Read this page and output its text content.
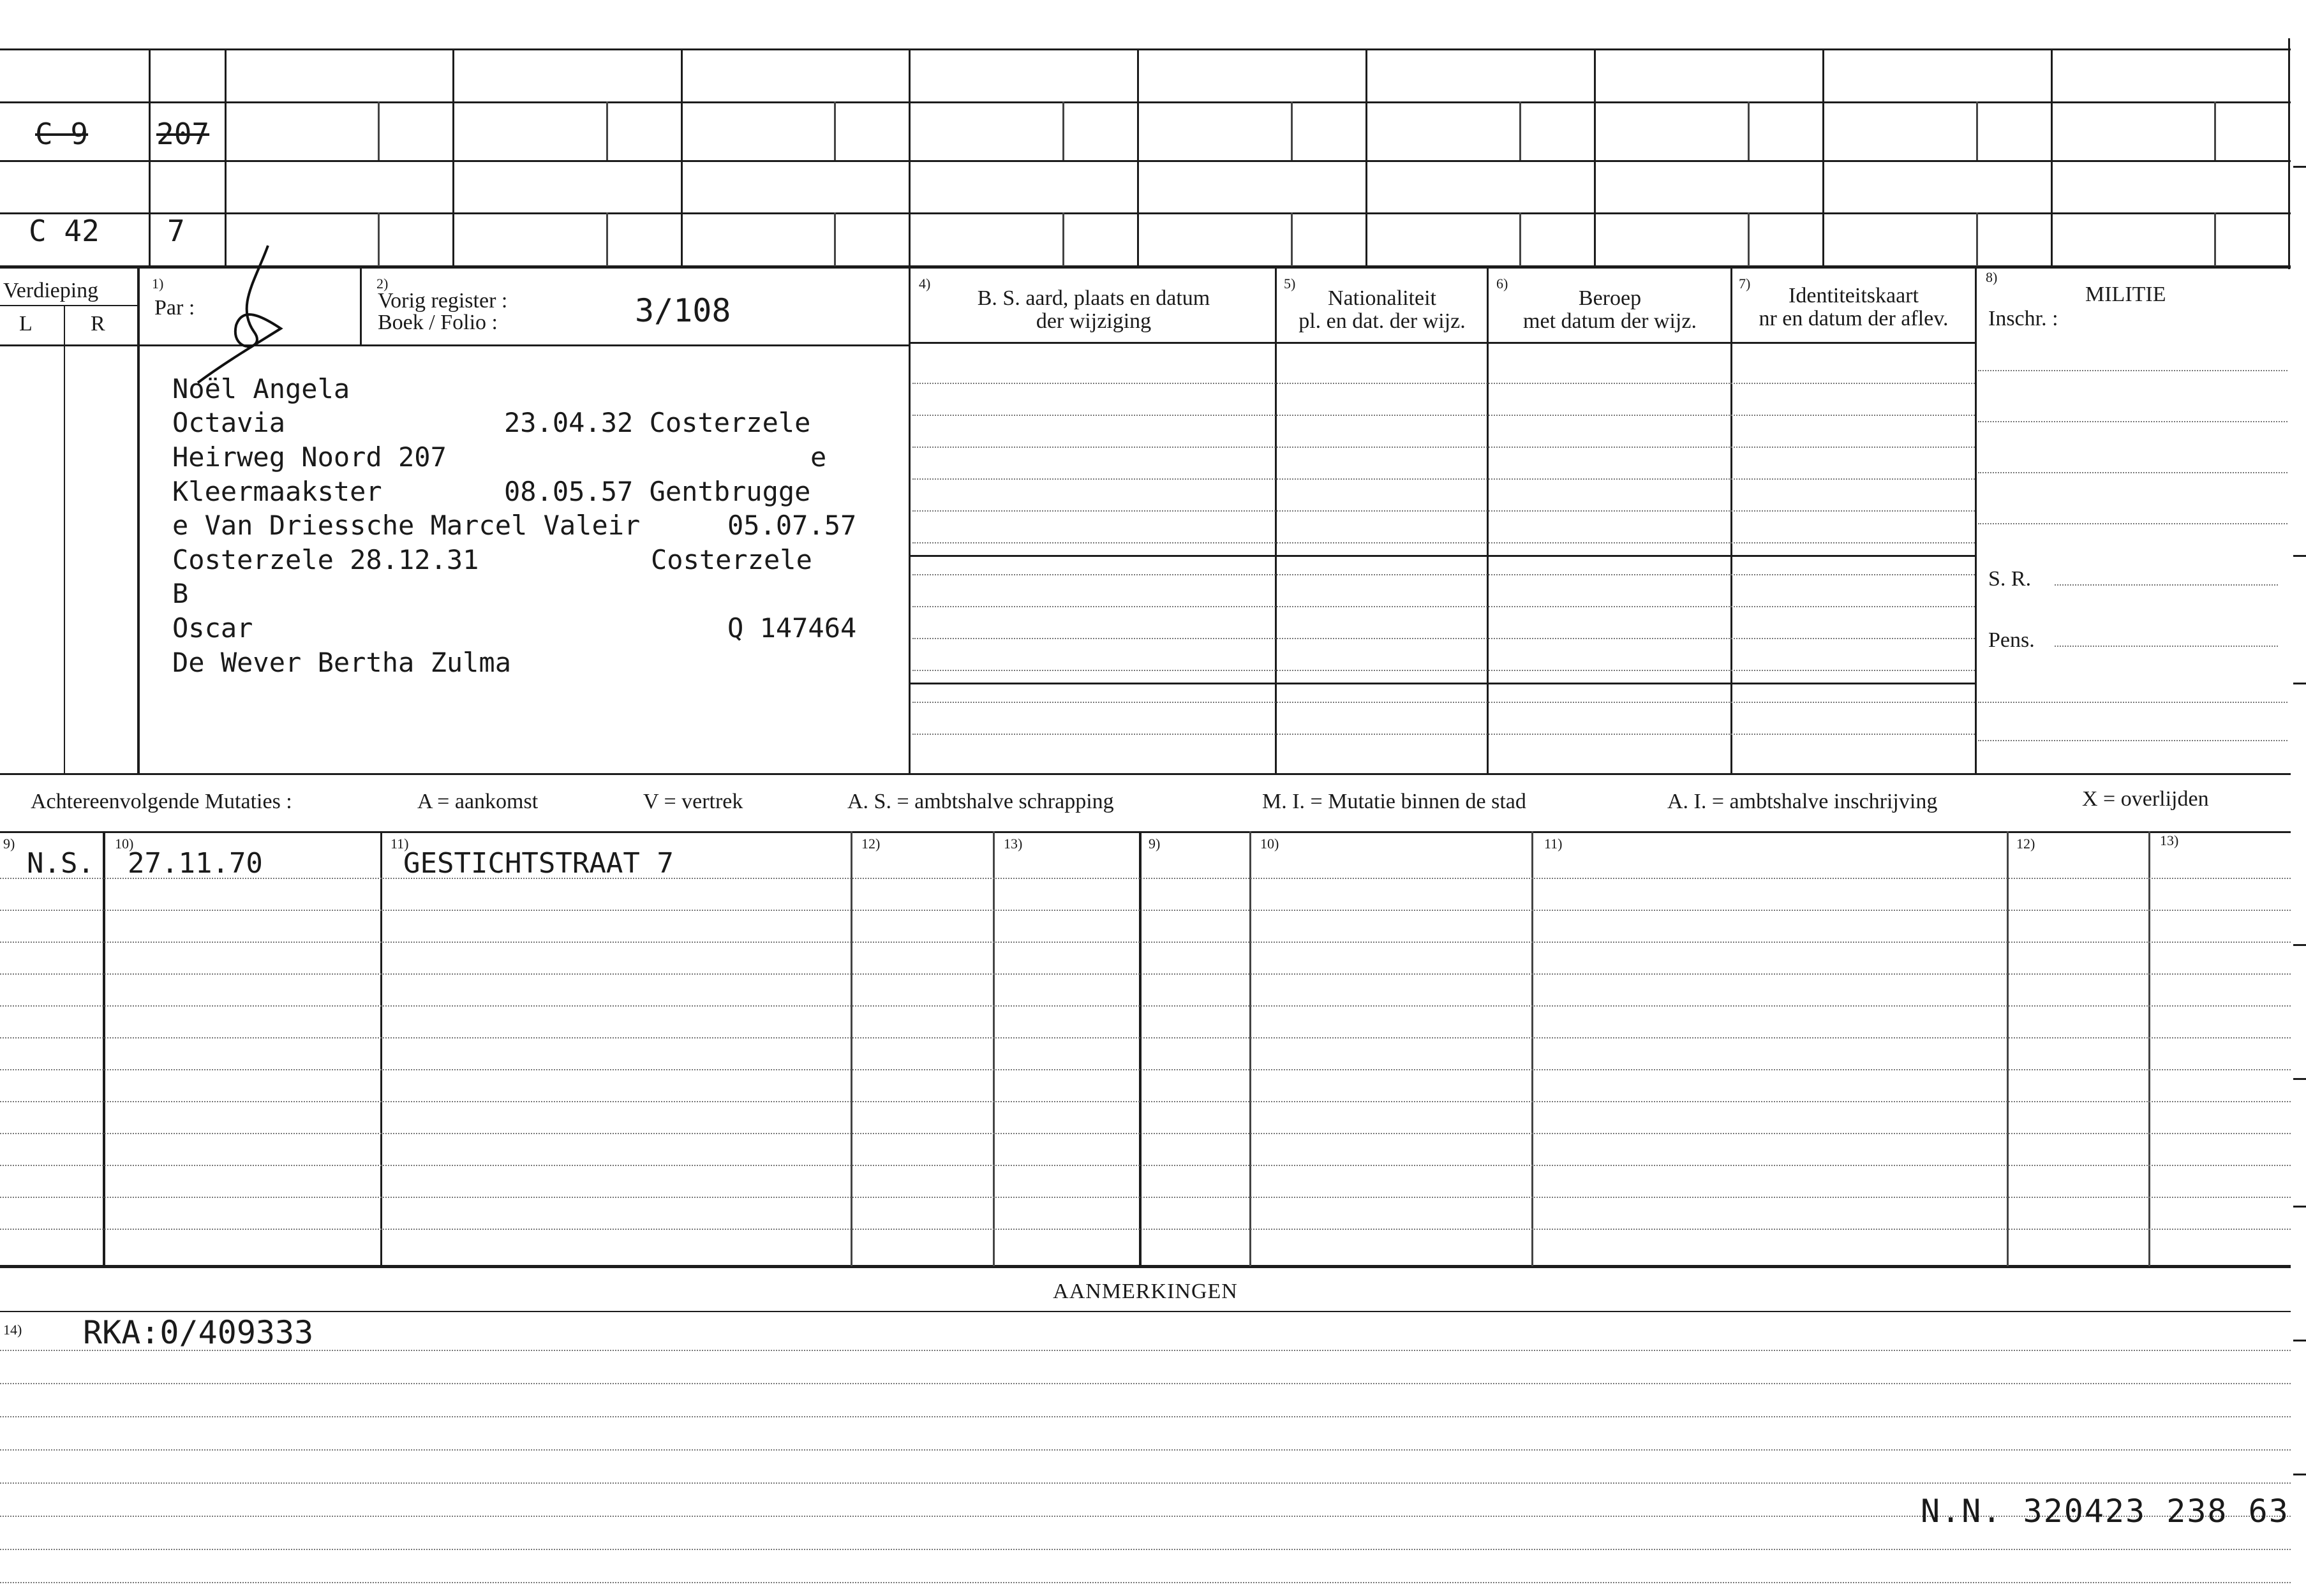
C 9 207
C 42 7
Verdieping
L	R
1)
Par :
2)
Vorig register :
Boek / Folio :	3/108
4)
B. S. aard, plaats en datum
der wijziging
5)
Nationaliteit
pl. en dat. der wijz.
6)
Beroep
met datum der wijz.
7)
Identiteitskaart
nr en datum der aflev.
8)
MILITIE
Inschr. :
S. R.
Pens.
Noël Angela
Octavia	23.04.32 Costerzele
Heirweg Noord 207	e
Kleermaakster	08.05.57 Gentbrugge
e Van Driessche Marcel Valeir	05.07.57
Costerzele 28.12.31	Costerzele
B
Oscar	Q 147464
De Wever Bertha Zulma
Achtereenvolgende Mutaties :	A = aankomst	V = vertrek	A. S. = ambtshalve schrapping	M. I. = Mutatie binnen de stad	A. I. = ambtshalve inschrijving	X = overlijden
9)	10)	11)	12)	13)	9)	10)	11)	12)	13)
N.S. 27.11.70	GESTICHTSTRAAT 7
AANMERKINGEN
14) RKA:0/409333
N.N. 320423 238 63
